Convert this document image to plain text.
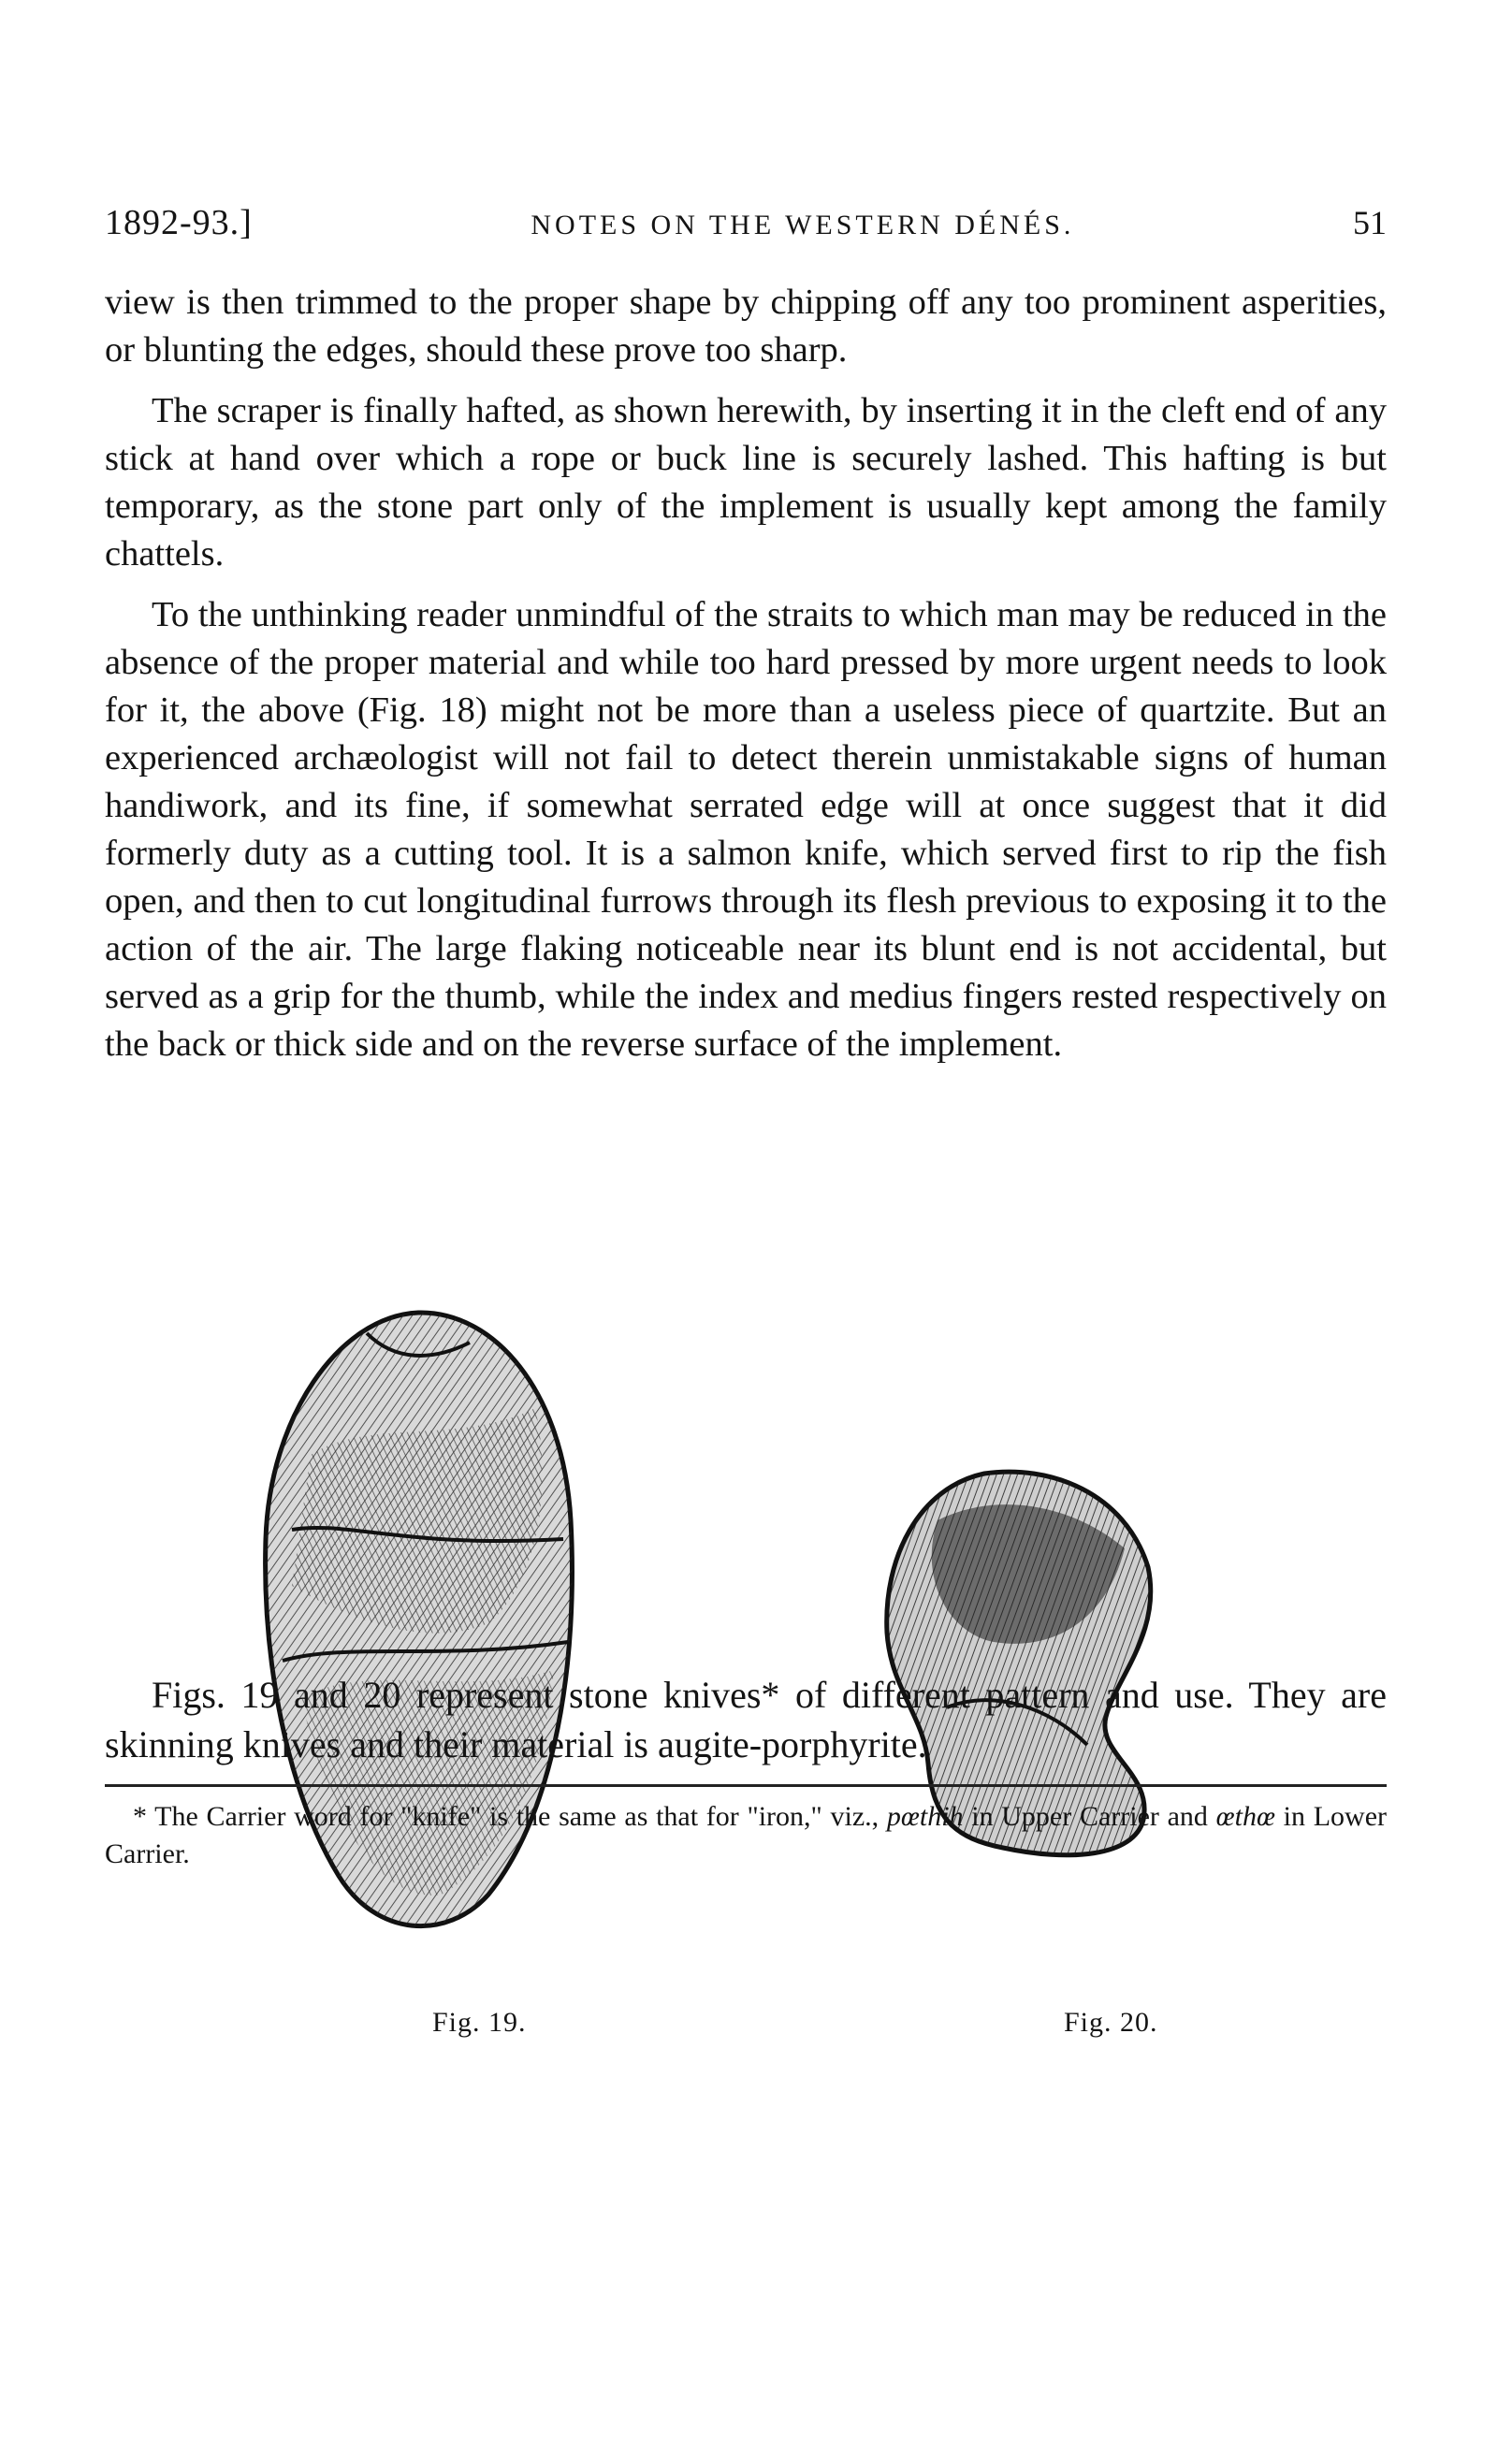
1892-93.]	NOTES ON THE WESTERN DÉNÉS.	51

view is then trimmed to the proper shape by chipping off any too prominent asperities, or blunting the edges, should these prove too sharp.

The scraper is finally hafted, as shown herewith, by inserting it in the cleft end of any stick at hand over which a rope or buck line is securely lashed. This hafting is but temporary, as the stone part only of the implement is usually kept among the family chattels.

To the unthinking reader unmindful of the straits to which man may be reduced in the absence of the proper material and while too hard pressed by more urgent needs to look for it, the above (Fig. 18) might not be more than a useless piece of quartzite. But an experienced archæologist will not fail to detect therein unmistakable signs of human handiwork, and its fine, if somewhat serrated edge will at once suggest that it did formerly duty as a cutting tool. It is a salmon knife, which served first to rip the fish open, and then to cut longitudinal furrows through its flesh previous to exposing it to the action of the air. The large flaking noticeable near its blunt end is not accidental, but served as a grip for the thumb, while the index and medius fingers rested respectively on the back or thick side and on the reverse surface of the implement.

Fig. 19.	Fig. 20.

Figs. 19 and 20 represent stone knives* of different pattern and use. They are skinning knives and their material is augite-porphyrite.

* The Carrier word for "knife" is the same as that for "iron," viz., pœthih in Upper Carrier and œthœ in Lower Carrier.
